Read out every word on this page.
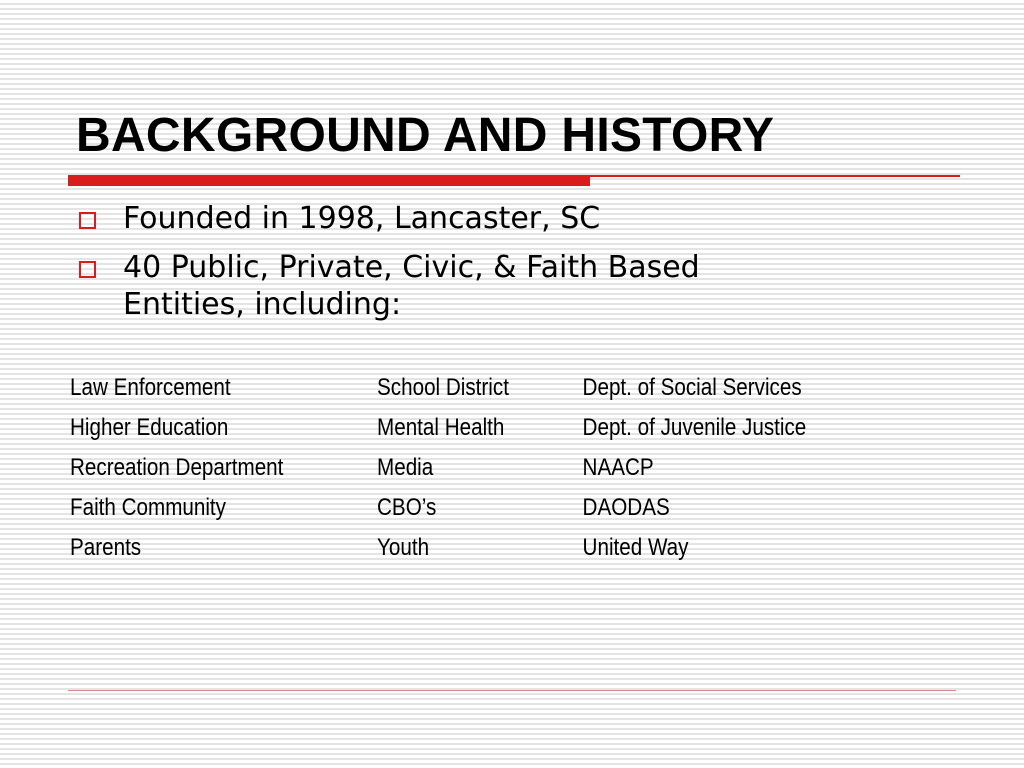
BACKGROUND AND HISTORY
Founded in 1998, Lancaster, SC
40 Public, Private, Civic, & Faith Based
Entities, including:
Law Enforcement	School District	Dept. of Social Services
Higher Education	Mental Health	Dept. of Juvenile Justice
Recreation Department	Media	NAACP
Faith Community	CBO’s	DAODAS
Parents	Youth	United Way
